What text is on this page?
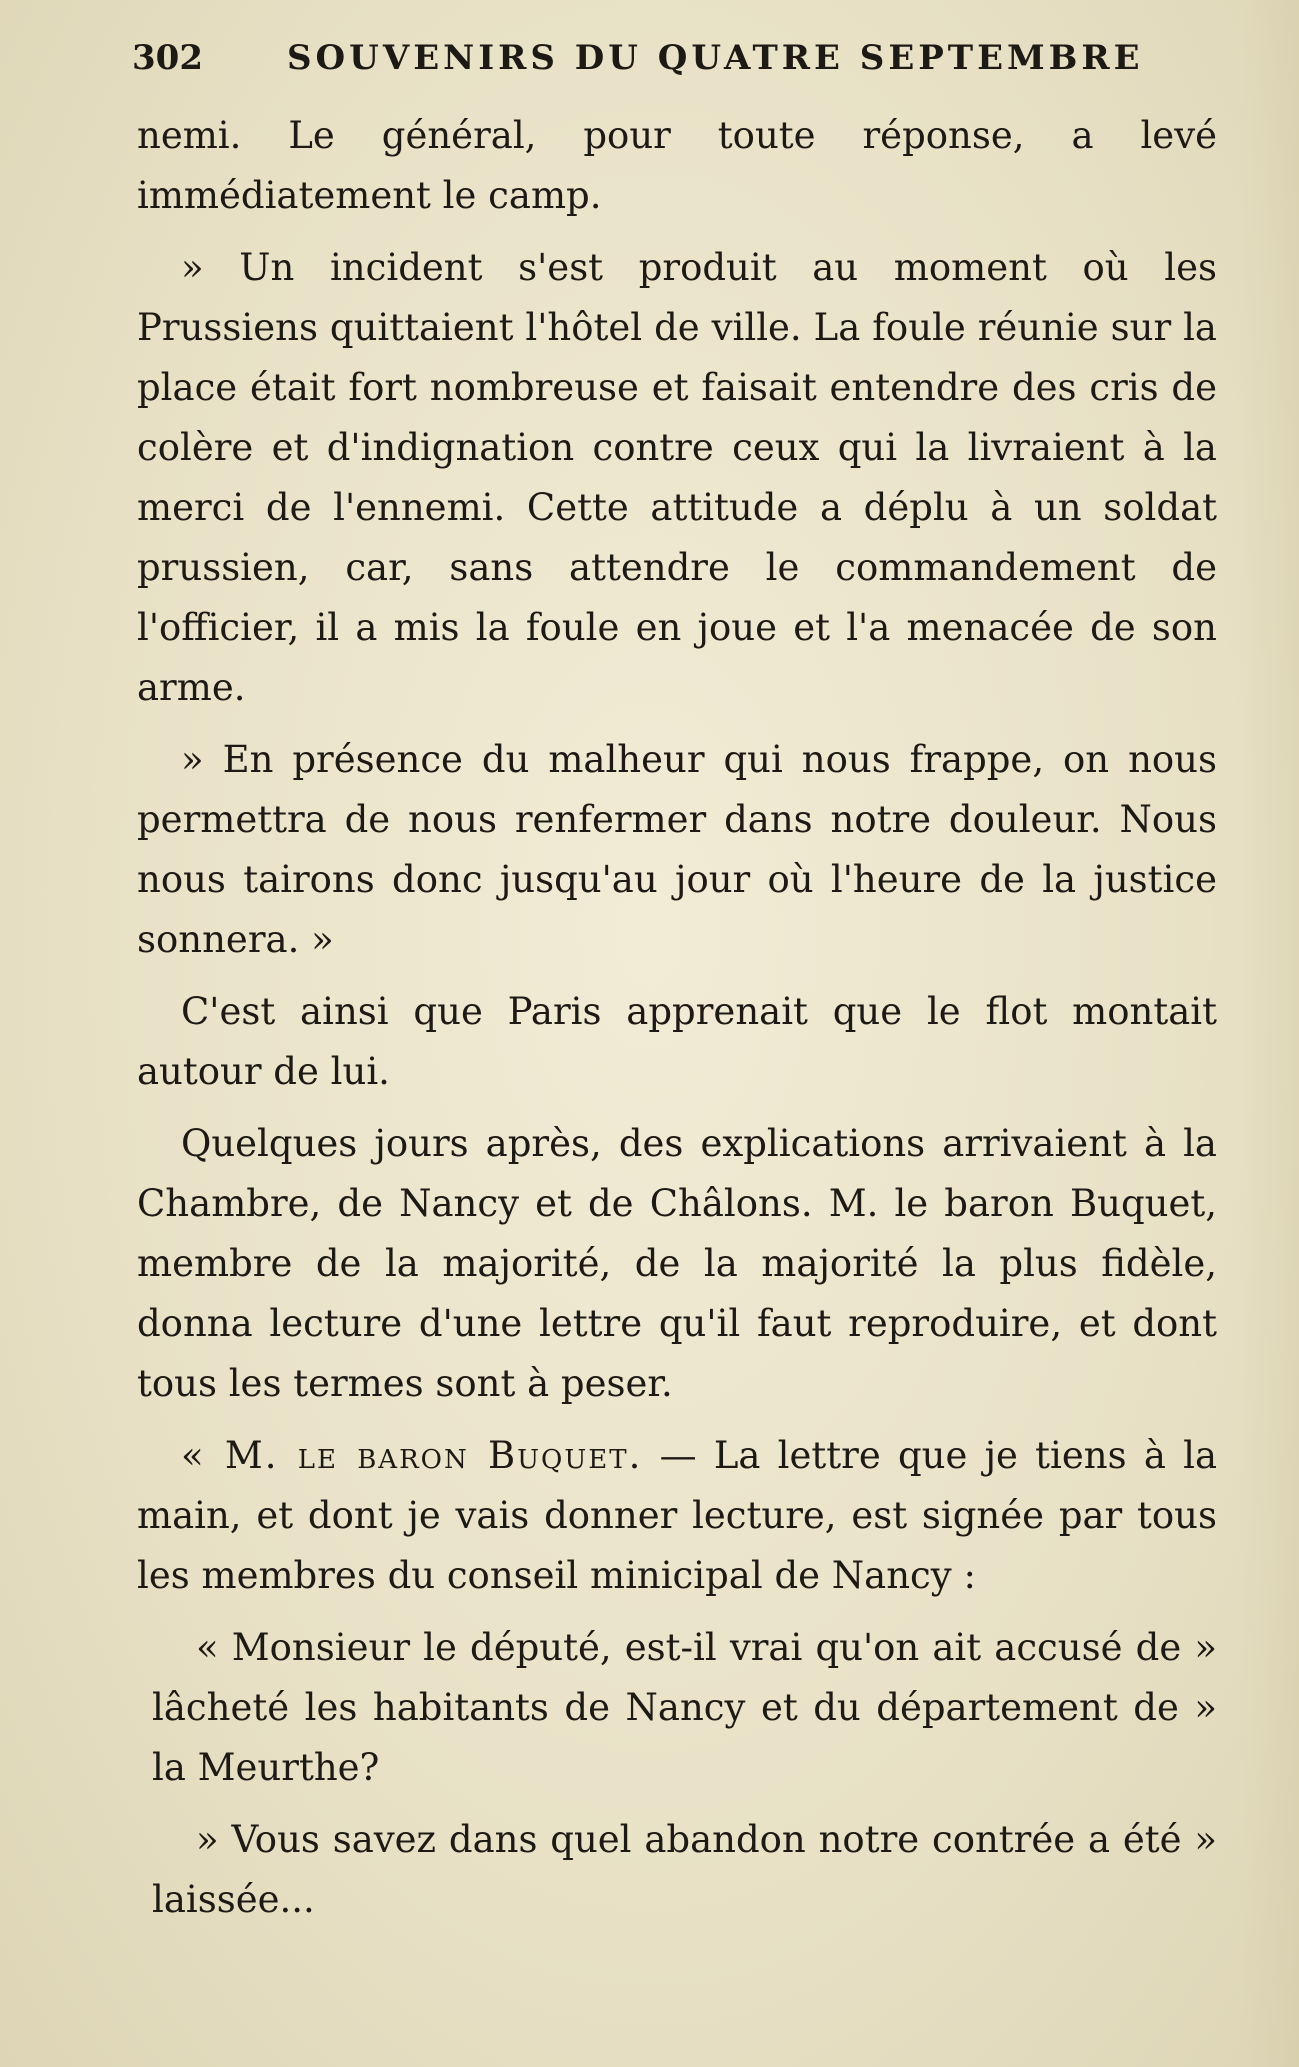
302 SOUVENIRS DU QUATRE SEPTEMBRE

nemi. Le général, pour toute réponse, a levé immédiatement le camp.

» Un incident s'est produit au moment où les Prussiens quittaient l'hôtel de ville. La foule réunie sur la place était fort nombreuse et faisait entendre des cris de colère et d'indignation contre ceux qui la livraient à la merci de l'ennemi. Cette attitude a déplu à un soldat prussien, car, sans attendre le commandement de l'officier, il a mis la foule en joue et l'a menacée de son arme.

» En présence du malheur qui nous frappe, on nous permettra de nous renfermer dans notre douleur. Nous nous tairons donc jusqu'au jour où l'heure de la justice sonnera. »

C'est ainsi que Paris apprenait que le flot montait autour de lui.

Quelques jours après, des explications arrivaient à la Chambre, de Nancy et de Châlons. M. le baron Buquet, membre de la majorité, de la majorité la plus fidèle, donna lecture d'une lettre qu'il faut reproduire, et dont tous les termes sont à peser.

« M. le baron Buquet. — La lettre que je tiens à la main, et dont je vais donner lecture, est signée par tous les membres du conseil minicipal de Nancy :

« Monsieur le député, est-il vrai qu'on ait accusé de » lâcheté les habitants de Nancy et du département de » la Meurthe?

» Vous savez dans quel abandon notre contrée a été » laissée...
